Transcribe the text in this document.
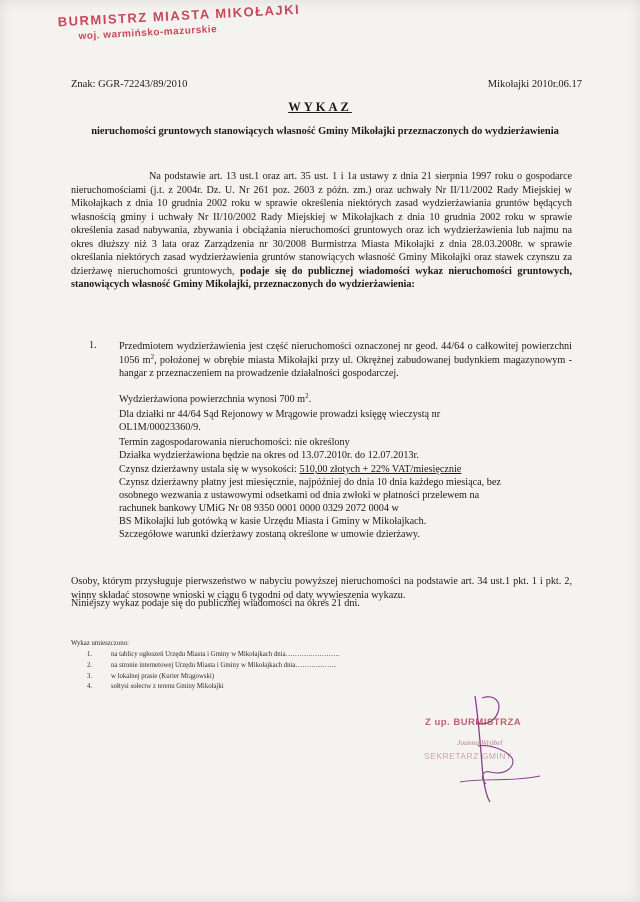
BURMISTRZ MIASTA MIKOŁAJKI
woj. warmińsko-mazurskie
Znak: GGR-72243/89/2010	Mikołajki 2010r.06.17
WYKAZ
nieruchomości gruntowych stanowiących własność Gminy Mikołajki przeznaczonych do wydzierżawienia
Na podstawie art. 13 ust.1 oraz art. 35 ust. 1 i 1a ustawy z dnia 21 sierpnia 1997 roku o gospodarce nieruchomościami (j.t. z 2004r. Dz. U. Nr 261 poz. 2603 z późn. zm.) oraz uchwały Nr II/11/2002 Rady Miejskiej w Mikołajkach z dnia 10 grudnia 2002 roku w sprawie określenia niektórych zasad wydzierżawiania gruntów będących własnością gminy i uchwały Nr II/10/2002 Rady Miejskiej w Mikołajkach z dnia 10 grudnia 2002 roku w sprawie określenia zasad nabywania, zbywania i obciążania nieruchomości gruntowych oraz ich wydzierżawienia lub najmu na okres dłuższy niż 3 lata oraz Zarządzenia nr 30/2008 Burmistrza Miasta Mikołajki z dnia 28.03.2008r. w sprawie określania niektórych zasad wydzierżawienia gruntów stanowiących własność Gminy Mikołajki oraz stawek czynszu za dzierżawę nieruchomości gruntowych, podaje się do publicznej wiadomości wykaz nieruchomości gruntowych, stanowiących własność Gminy Mikołajki, przeznaczonych do wydzierżawienia:
1. Przedmiotem wydzierżawienia jest część nieruchomości oznaczonej nr geod. 44/64 o całkowitej powierzchni 1056 $m^2$, położonej w obrębie miasta Mikołajki przy ul. Okrężnej zabudowanej budynkiem magazynowym - hangar z przeznaczeniem na prowadzenie działalności gospodarczej.
Wydzierżawiona powierzchnia wynosi 700 $m^2$.
Dla działki nr 44/64 Sąd Rejonowy w Mrągowie prowadzi księgę wieczystą nr
OL1M/00023360/9.
Termin zagospodarowania nieruchomości: nie określony
Działka wydzierżawiona będzie na okres od 13.07.2010r. do 12.07.2013r.
Czynsz dzierżawny ustala się w wysokości: 510,00 złotych + 22% VAT/miesięcznie
Czynsz dzierżawny płatny jest miesięcznie, najpóźniej do dnia 10 dnia każdego miesiąca, bez
osobnego wezwania z ustawowymi odsetkami od dnia zwłoki w płatności przelewem na
rachunek bankowy UMiG Nr 08 9350 0001 0000 0329 2072 0004 w
BS Mikołajki lub gotówką w kasie Urzędu Miasta i Gminy w Mikołajkach.
Szczegółowe warunki dzierżawy zostaną określone w umowie dzierżawy.
Osoby, którym przysługuje pierwszeństwo w nabyciu powyższej nieruchomości na podstawie art. 34 ust.1 pkt. 1 i pkt. 2, winny składać stosowne wnioski w ciągu 6 tygodni od daty wywieszenia wykazu.
Niniejszy wykaz podaje się do publicznej wiadomości na okres 21 dni.
Wykaz umieszczono:
1.	na tablicy ogłoszeń Urzędu Miasta i Gminy w Mikołajkach dnia……………………
2.	na stronie internetowej Urzędu Miasta i Gminy w Mikołajkach dnia………………
3.	w lokalnej prasie (Kurier Mrągowski)
4.	sołtysi sołectw z terenu Gminy Mikołajki
Z up. BURMISTRZA
Joanna Wróbel
SEKRETARZ GMINY
